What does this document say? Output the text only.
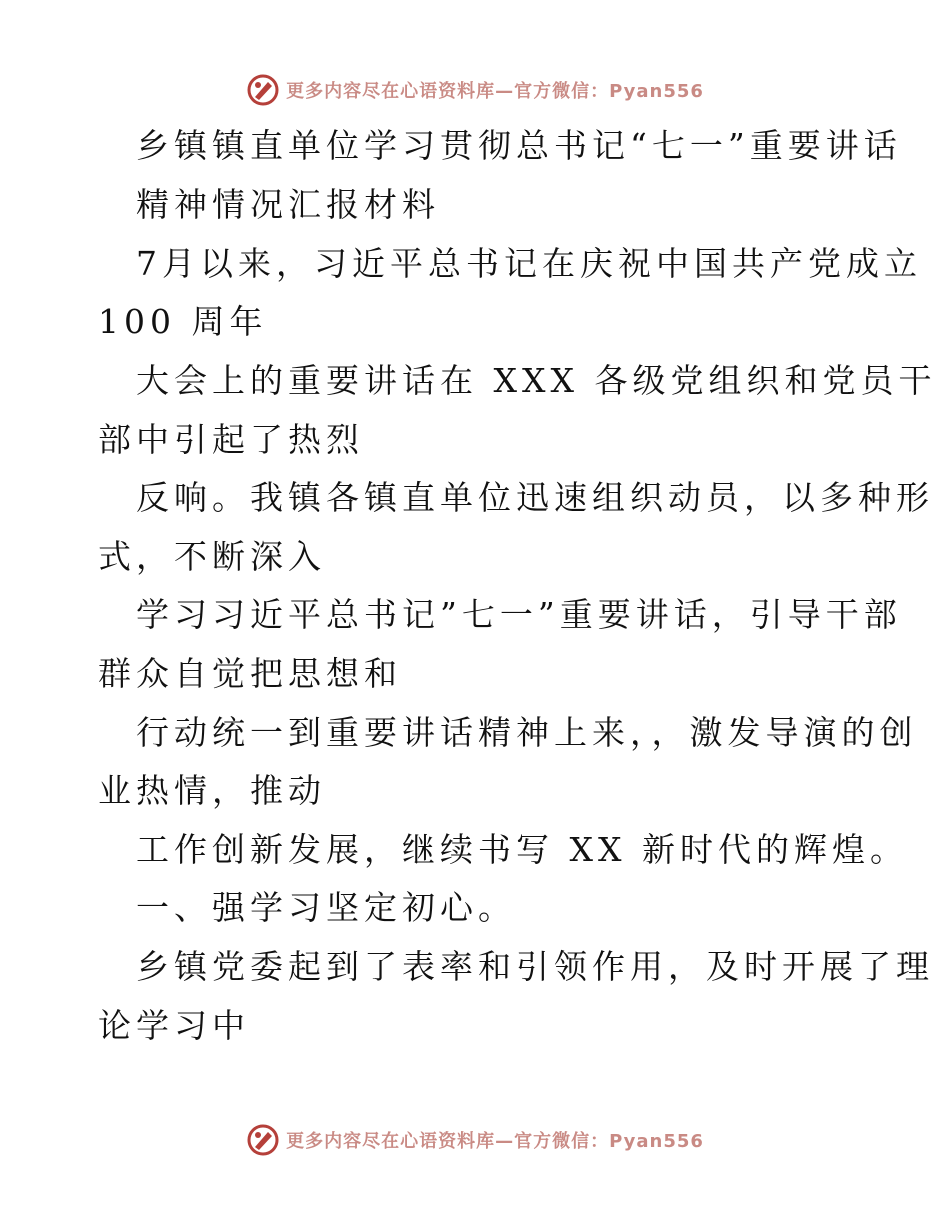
更多内容尽在心语资料库—官方微信：Pyan556
乡镇镇直单位学习贯彻总书记“七一”重要讲话
精神情况汇报材料
7月以来，习近平总书记在庆祝中国共产党成立
100 周年
大会上的重要讲话在 XXX 各级党组织和党员干
部中引起了热烈
反响。我镇各镇直单位迅速组织动员，以多种形
式，不断深入
学习习近平总书记”七一”重要讲话，引导干部
群众自觉把思想和
行动统一到重要讲话精神上来，，激发导演的创
业热情，推动
工作创新发展，继续书写 XX 新时代的辉煌。
一、强学习坚定初心。
乡镇党委起到了表率和引领作用，及时开展了理
论学习中
更多内容尽在心语资料库—官方微信：Pyan556
